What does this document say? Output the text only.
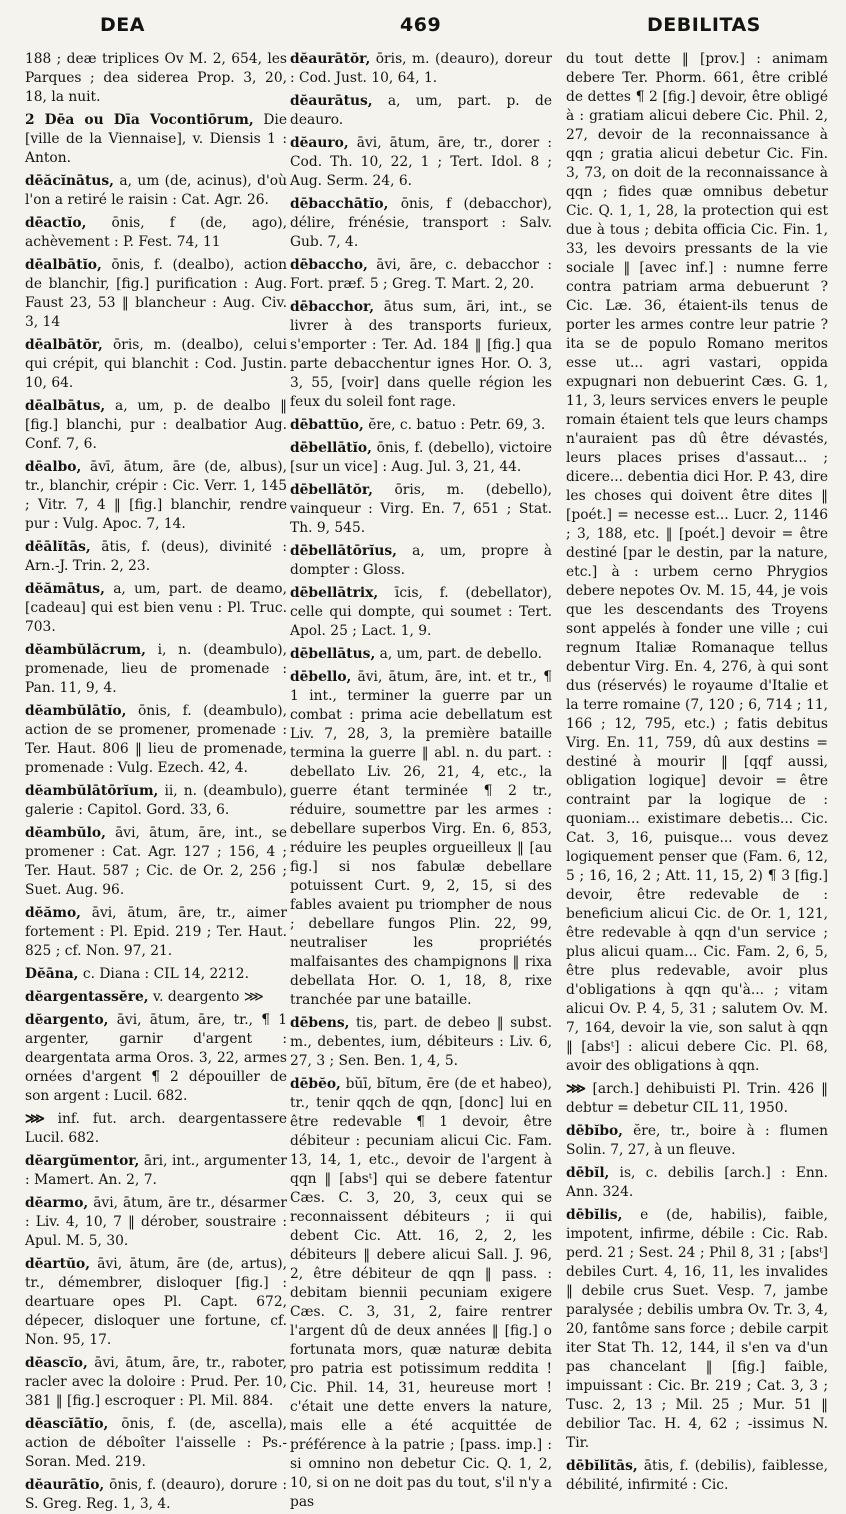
DEA	469	DEBILITAS

188 ; deæ triplices Ov M. 2, 654, les Parques ; dea siderea Prop. 3, 20, 18, la nuit.

2 Dēa ou Dīa Vocontiōrum, Die [ville de la Viennaise], v. Diensis 1 : Anton.

dēăcĭnātus, a, um (de, acinus), d'où l'on a retiré le raisin : Cat. Agr. 26.

dēactĭo, ōnis, f (de, ago), achèvement : P. Fest. 74, 11

dēalbātĭo, ōnis, f. (dealbo), action de blanchir, [fig.] purification : Aug. Faust 23, 53 ‖ blancheur : Aug. Civ. 3, 14

dēalbātŏr, ōris, m. (dealbo), celui qui crépit, qui blanchit : Cod. Justin. 10, 64.

dēalbātus, a, um, p. de dealbo ‖ [fig.] blanchi, pur : dealbatior Aug. Conf. 7, 6.

dēalbo, āvī, ātum, āre (de, albus), tr., blanchir, crépir : Cic. Verr. 1, 145 ; Vitr. 7, 4 ‖ [fig.] blanchir, rendre pur : Vulg. Apoc. 7, 14.

dēālĭtās, ātis, f. (deus), divinité : Arn.-J. Trin. 2, 23.

dĕămātus, a, um, part. de deamo, [cadeau] qui est bien venu : Pl. Truc. 703.

dĕambŭlăcrum, i, n. (deambulo), promenade, lieu de promenade : Pan. 11, 9, 4.

dĕambŭlātĭo, ōnis, f. (deambulo), action de se promener, promenade : Ter. Haut. 806 ‖ lieu de promenade, promenade : Vulg. Ezech. 42, 4.

dĕambŭlātōrĭum, ii, n. (deambulo), galerie : Capitol. Gord. 33, 6.

dĕambŭlo, āvi, ātum, āre, int., se promener : Cat. Agr. 127 ; 156, 4 ; Ter. Haut. 587 ; Cic. de Or. 2, 256 ; Suet. Aug. 96.

dĕămo, āvi, ātum, āre, tr., aimer fortement : Pl. Epid. 219 ; Ter. Haut. 825 ; cf. Non. 97, 21.

Dĕāna, c. Diana : CIL 14, 2212.

dĕargentassĕre, v. deargento ⋙

dĕargento, āvi, ātum, āre, tr., ¶ 1 argenter, garnir d'argent : deargentata arma Oros. 3, 22, armes ornées d'argent ¶ 2 dépouiller de son argent : Lucil. 682.

⋙ inf. fut. arch. deargentassere Lucil. 682.

dĕargŭmentor, āri, int., argumenter : Mamert. An. 2, 7.

dĕarmo, āvi, ātum, āre tr., désarmer : Liv. 4, 10, 7 ‖ dérober, soustraire : Apul. M. 5, 30.

dĕartŭo, āvi, ātum, āre (de, artus), tr., démembrer, disloquer [fig.] : deartuare opes Pl. Capt. 672, dépecer, disloquer une fortune, cf. Non. 95, 17.

dĕascĭo, āvi, ātum, āre, tr., raboter, racler avec la doloire : Prud. Per. 10, 381 ‖ [fig.] escroquer : Pl. Mil. 884.

dĕascĭātĭo, ōnis, f. (de, ascella), action de déboîter l'aisselle : Ps.-Soran. Med. 219.

dĕaurātĭo, ōnis, f. (deauro), dorure : S. Greg. Reg. 1, 3, 4.

dĕaurātŏr, ōris, m. (deauro), doreur : Cod. Just. 10, 64, 1.

dĕaurātus, a, um, part. p. de deauro.

dĕauro, āvi, ātum, āre, tr., dorer : Cod. Th. 10, 22, 1 ; Tert. Idol. 8 ; Aug. Serm. 24, 6.

dēbacchātĭo, ōnis, f (debacchor), délire, frénésie, transport : Salv. Gub. 7, 4.

dēbaccho, āvi, āre, c. debacchor : Fort. præf. 5 ; Greg. T. Mart. 2, 20.

dēbacchor, ātus sum, āri, int., se livrer à des transports furieux, s'emporter : Ter. Ad. 184 ‖ [fig.] qua parte debacchentur ignes Hor. O. 3, 3, 55, [voir] dans quelle région les feux du soleil font rage.

dēbattŭo, ĕre, c. batuo : Petr. 69, 3.

dēbellātĭo, ōnis, f. (debello), victoire [sur un vice] : Aug. Jul. 3, 21, 44.

dēbellātŏr, ōris, m. (debello), vainqueur : Virg. En. 7, 651 ; Stat. Th. 9, 545.

dēbellātōrĭus, a, um, propre à dompter : Gloss.

dēbellātrix, īcis, f. (debellator), celle qui dompte, qui soumet : Tert. Apol. 25 ; Lact. 1, 9.

dēbellātus, a, um, part. de debello.

dēbello, āvi, ātum, āre, int. et tr., ¶ 1 int., terminer la guerre par un combat : prima acie debellatum est Liv. 7, 28, 3, la première bataille termina la guerre ‖ abl. n. du part. : debellato Liv. 26, 21, 4, etc., la guerre étant terminée ¶ 2 tr., réduire, soumettre par les armes : debellare superbos Virg. En. 6, 853, réduire les peuples orgueilleux ‖ [au fig.] si nos fabulæ debellare potuissent Curt. 9, 2, 15, si des fables avaient pu triompher de nous ; debellare fungos Plin. 22, 99, neutraliser les propriétés malfaisantes des champignons ‖ rixa debellata Hor. O. 1, 18, 8, rixe tranchée par une bataille.

dēbens, tis, part. de debeo ‖ subst. m., debentes, ium, débiteurs : Liv. 6, 27, 3 ; Sen. Ben. 1, 4, 5.

dēbĕo, bŭī, bĭtum, ēre (de et habeo), tr., tenir qqch de qqn, [donc] lui en être redevable ¶ 1 devoir, être débiteur : pecuniam alicui Cic. Fam. 13, 14, 1, etc., devoir de l'argent à qqn ‖ [absᵗ] qui se debere fatentur Cæs. C. 3, 20, 3, ceux qui se reconnaissent débiteurs ; ii qui debent Cic. Att. 16, 2, 2, les débiteurs ‖ debere alicui Sall. J. 96, 2, être débiteur de qqn ‖ pass. : debitam biennii pecuniam exigere Cæs. C. 3, 31, 2, faire rentrer l'argent dû de deux années ‖ [fig.] o fortunata mors, quæ naturæ debita pro patria est potissimum reddita ! Cic. Phil. 14, 31, heureuse mort ! c'était une dette envers la nature, mais elle a été acquittée de préférence à la patrie ; [pass. imp.] : si omnino non debetur Cic. Q. 1, 2, 10, si on ne doit pas du tout, s'il n'y a pas

du tout dette ‖ [prov.] : animam debere Ter. Phorm. 661, être criblé de dettes ¶ 2 [fig.] devoir, être obligé à : gratiam alicui debere Cic. Phil. 2, 27, devoir de la reconnaissance à qqn ; gratia alicui debetur Cic. Fin. 3, 73, on doit de la reconnaissance à qqn ; fides quæ omnibus debetur Cic. Q. 1, 1, 28, la protection qui est due à tous ; debita officia Cic. Fin. 1, 33, les devoirs pressants de la vie sociale ‖ [avec inf.] : numne ferre contra patriam arma debuerunt ? Cic. Læ. 36, étaient-ils tenus de porter les armes contre leur patrie ? ita se de populo Romano meritos esse ut... agri vastari, oppida expugnari non debuerint Cæs. G. 1, 11, 3, leurs services envers le peuple romain étaient tels que leurs champs n'auraient pas dû être dévastés, leurs places prises d'assaut... ; dicere... debentia dici Hor. P. 43, dire les choses qui doivent être dites ‖ [poét.] = necesse est... Lucr. 2, 1146 ; 3, 188, etc. ‖ [poét.] devoir = être destiné [par le destin, par la nature, etc.] à : urbem cerno Phrygios debere nepotes Ov. M. 15, 44, je vois que les descendants des Troyens sont appelés à fonder une ville ; cui regnum Italiæ Romanaque tellus debentur Virg. En. 4, 276, à qui sont dus (réservés) le royaume d'Italie et la terre romaine (7, 120 ; 6, 714 ; 11, 166 ; 12, 795, etc.) ; fatis debitus Virg. En. 11, 759, dû aux destins = destiné à mourir ‖ [qqf aussi, obligation logique] devoir = être contraint par la logique de : quoniam... existimare debetis... Cic. Cat. 3, 16, puisque... vous devez logiquement penser que (Fam. 6, 12, 5 ; 16, 16, 2 ; Att. 11, 15, 2) ¶ 3 [fig.] devoir, être redevable de : beneficium alicui Cic. de Or. 1, 121, être redevable à qqn d'un service ; plus alicui quam... Cic. Fam. 2, 6, 5, être plus redevable, avoir plus d'obligations à qqn qu'à... ; vitam alicui Ov. P. 4, 5, 31 ; salutem Ov. M. 7, 164, devoir la vie, son salut à qqn ‖ [absᵗ] : alicui debere Cic. Pl. 68, avoir des obligations à qqn.

⋙ [arch.] dehibuisti Pl. Trin. 426 ‖ debtur = debetur CIL 11, 1950.

dēbĭbo, ĕre, tr., boire à : flumen Solin. 7, 27, à un fleuve.

dēbĭl, is, c. debilis [arch.] : Enn. Ann. 324.

dēbĭlis, e (de, habilis), faible, impotent, infirme, débile : Cic. Rab. perd. 21 ; Sest. 24 ; Phil 8, 31 ; [absᵗ] debiles Curt. 4, 16, 11, les invalides ‖ debile crus Suet. Vesp. 7, jambe paralysée ; debilis umbra Ov. Tr. 3, 4, 20, fantôme sans force ; debile carpit iter Stat Th. 12, 144, il s'en va d'un pas chancelant ‖ [fig.] faible, impuissant : Cic. Br. 219 ; Cat. 3, 3 ; Tusc. 2, 13 ; Mil. 25 ; Mur. 51 ‖ debilior Tac. H. 4, 62 ; -issimus N. Tir.

dēbĭlĭtās, ātis, f. (debilis), faiblesse, débilité, infirmité : Cic.
